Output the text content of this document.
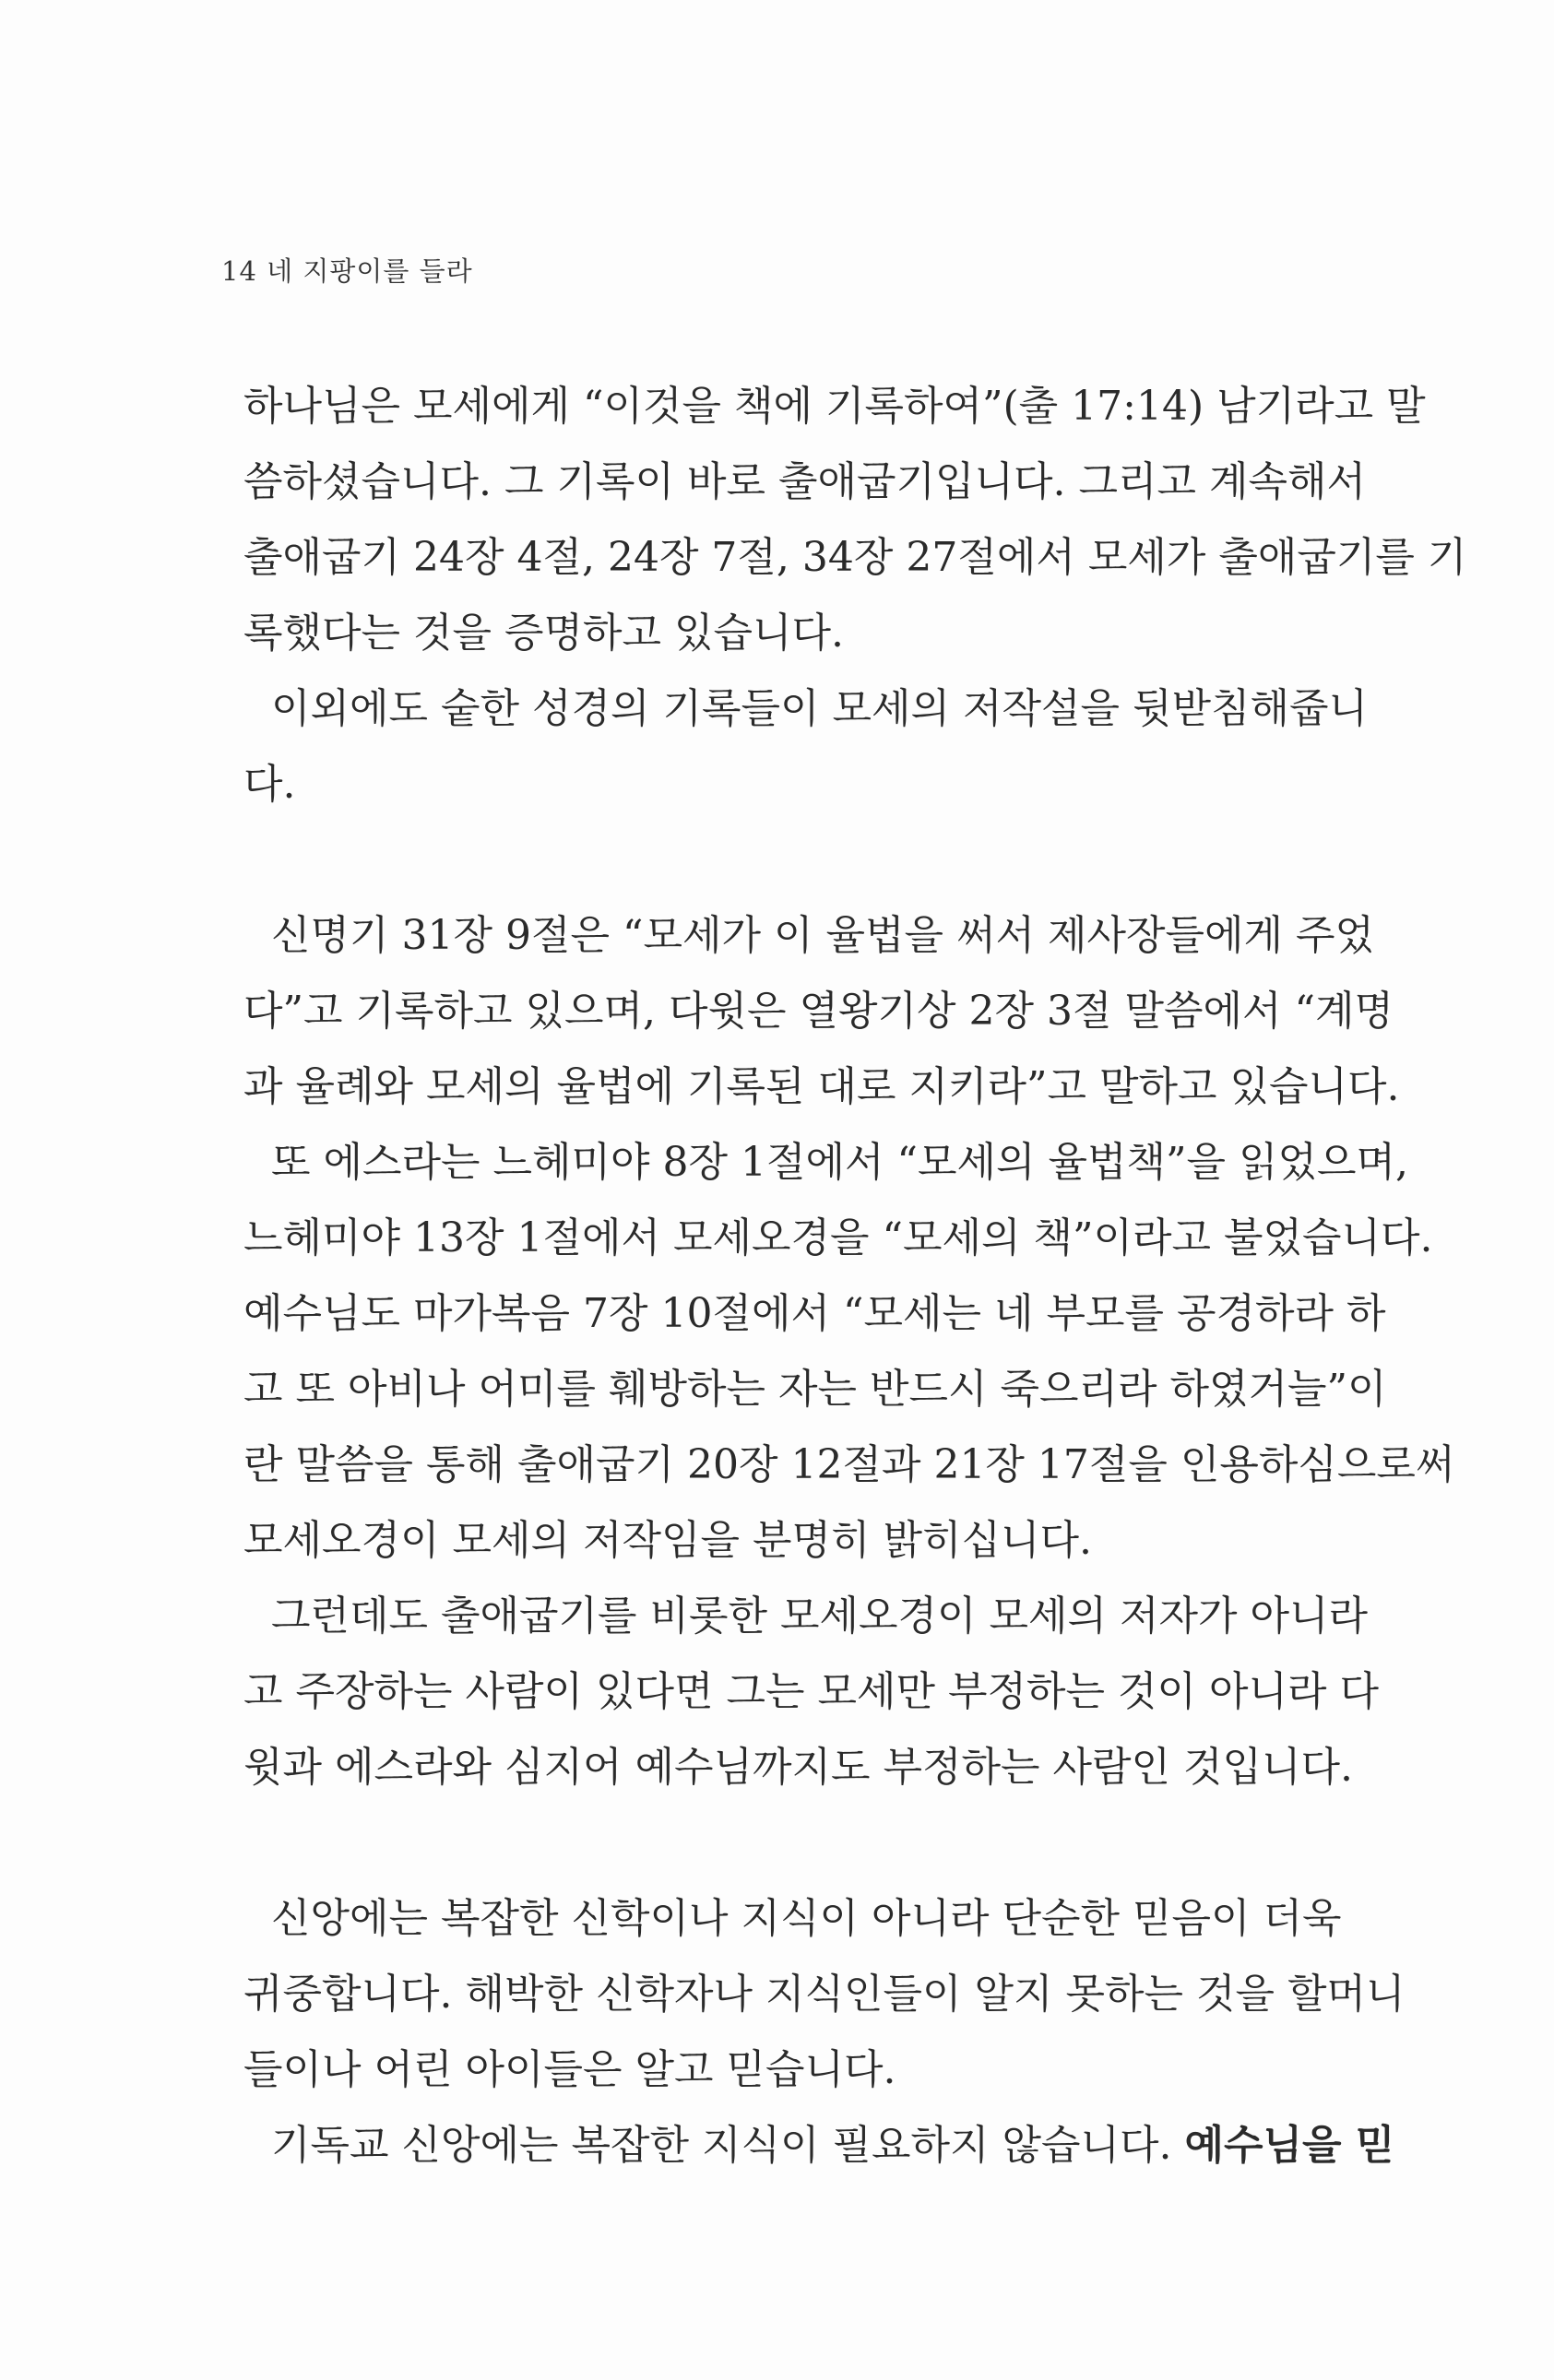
14 네 지팡이를 들라
하나님은 모세에게 “이것을 책에 기록하여”(출 17:14) 남기라고 말
씀하셨습니다. 그 기록이 바로 출애굽기입니다. 그리고 계속해서
출애굽기 24장 4절, 24장 7절, 34장 27절에서 모세가 출애굽기를 기
록했다는 것을 증명하고 있습니다.
이외에도 숱한 성경의 기록들이 모세의 저작설을 뒷받침해줍니
다.
신명기 31장 9절은 “모세가 이 율법을 써서 제사장들에게 주었
다”고 기록하고 있으며, 다윗은 열왕기상 2장 3절 말씀에서 “계명
과 율례와 모세의 율법에 기록된 대로 지키라”고 말하고 있습니다.
또 에스라는 느헤미야 8장 1절에서 “모세의 율법책”을 읽었으며,
느헤미야 13장 1절에서 모세오경을 “모세의 책”이라고 불었습니다.
예수님도 마가복음 7장 10절에서 “모세는 네 부모를 공경하라 하
고 또 아비나 어미를 훼방하는 자는 반드시 죽으리라 하였거늘”이
란 말씀을 통해 출애굽기 20장 12절과 21장 17절을 인용하심으로써
모세오경이 모세의 저작임을 분명히 밝히십니다.
그런데도 출애굽기를 비롯한 모세오경이 모세의 저자가 아니라
고 주장하는 사람이 있다면 그는 모세만 부정하는 것이 아니라 다
윗과 에스라와 심지어 예수님까지도 부정하는 사람인 것입니다.
신앙에는 복잡한 신학이나 지식이 아니라 단순한 믿음이 더욱
귀중합니다. 해박한 신학자나 지식인들이 알지 못하는 것을 할머니
들이나 어린 아이들은 알고 믿습니다.
기독교 신앙에는 복잡한 지식이 필요하지 않습니다. 예수님을 믿
